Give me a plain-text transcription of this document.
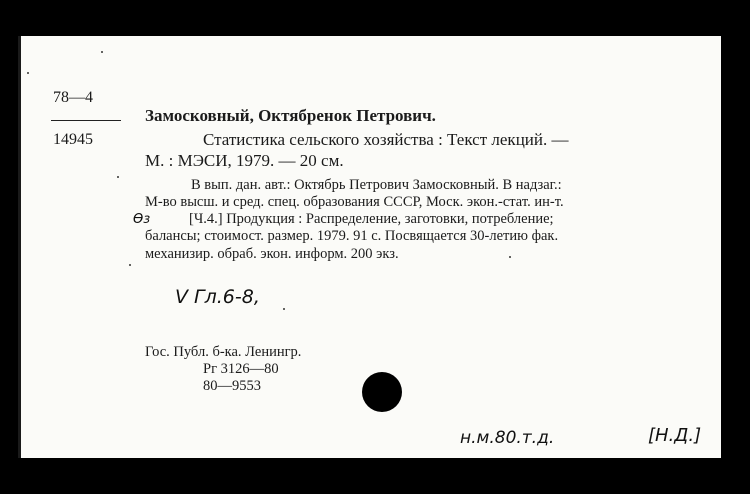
78—4
14945
Замосковный, Октябренок Петрович.
Статистика сельского хозяйства : Текст лекций. —
М. : МЭСИ, 1979. — 20 см.
В вып. дан. авт.: Октябрь Петрович Замосковный. В надзаг.:
М-во высш. и сред. спец. образования СССР, Моск. экон.-стат. ин-т.
Өз	[Ч.4.] Продукция : Распределение, заготовки, потребление;
балансы; стоимост. размер. 1979. 91 с. Посвящается 30-летию фак.
механизир. обраб. экон. информ. 200 экз.
V Гл.6-8,
Гос. Публ. б-ка. Ленингр.
Рг 3126—80
80—9553
н.м.80.т.д.	[Н.Д.]
